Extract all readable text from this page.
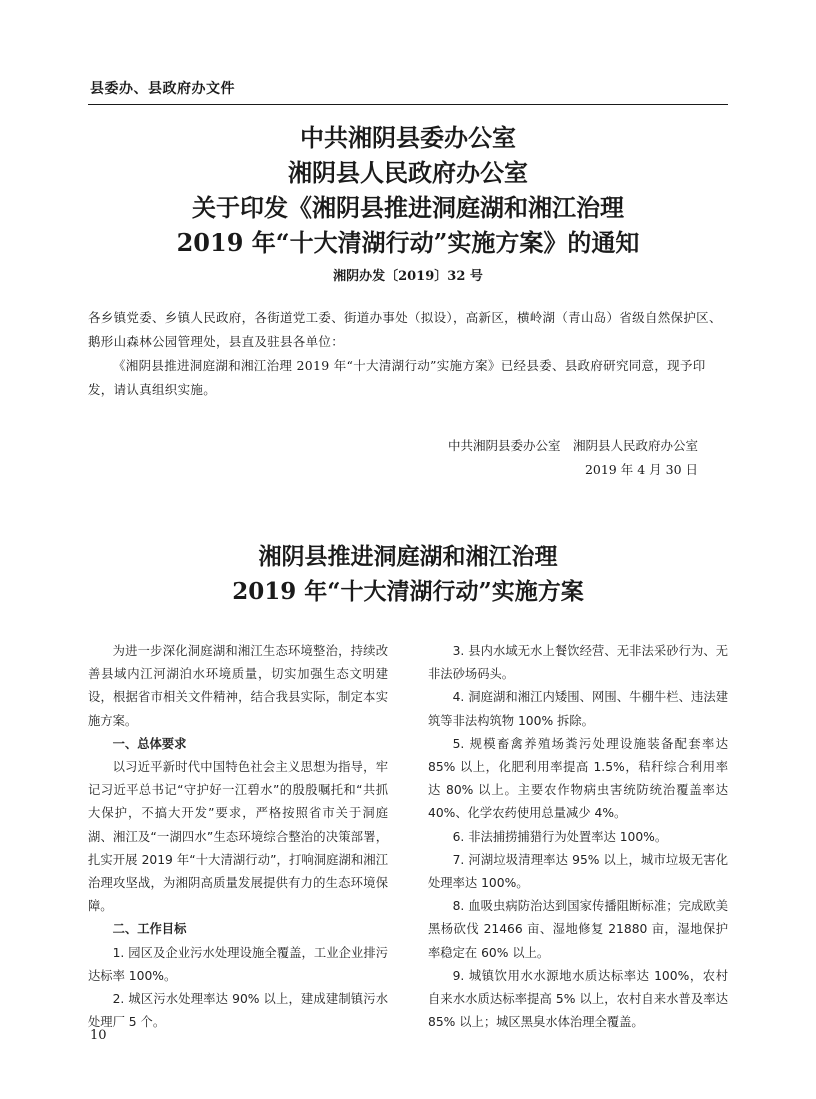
县委办、县政府办文件
中共湘阴县委办公室
湘阴县人民政府办公室
关于印发《湘阴县推进洞庭湖和湘江治理
2019 年“十大清湖行动”实施方案》的通知
湘阴办发〔2019〕32 号

各乡镇党委、乡镇人民政府，各街道党工委、街道办事处（拟设），高新区，横岭湖（青山岛）省级自然保护区、鹅形山森林公园管理处，县直及驻县各单位：

《湘阴县推进洞庭湖和湘江治理 2019 年“十大清湖行动”实施方案》已经县委、县政府研究同意，现予印发，请认真组织实施。

中共湘阴县委办公室　湘阴县人民政府办公室
2019 年 4 月 30 日
湘阴县推进洞庭湖和湘江治理
2019 年“十大清湖行动”实施方案

为进一步深化洞庭湖和湘江生态环境整治，持续改善县域内江河湖泊水环境质量，切实加强生态文明建设，根据省市相关文件精神，结合我县实际，制定本实施方案。

一、总体要求

以习近平新时代中国特色社会主义思想为指导，牢记习近平总书记“守护好一江碧水”的殷殷嘱托和“共抓大保护，不搞大开发”要求，严格按照省市关于洞庭湖、湘江及“一湖四水”生态环境综合整治的决策部署，扎实开展 2019 年“十大清湖行动”，打响洞庭湖和湘江治理攻坚战，为湘阴高质量发展提供有力的生态环境保障。

二、工作目标

1. 园区及企业污水处理设施全覆盖，工业企业排污达标率 100%。

2. 城区污水处理率达 90% 以上，建成建制镇污水处理厂 5 个。

3. 县内水域无水上餐饮经营、无非法采砂行为、无非法砂场码头。

4. 洞庭湖和湘江内矮围、网围、牛棚牛栏、违法建筑等非法构筑物 100% 拆除。

5. 规模畜禽养殖场粪污处理设施装备配套率达 85% 以上，化肥利用率提高 1.5%，秸秆综合利用率达 80% 以上。主要农作物病虫害统防统治覆盖率达 40%、化学农药使用总量减少 4%。

6. 非法捕捞捕猎行为处置率达 100%。

7. 河湖垃圾清理率达 95% 以上，城市垃圾无害化处理率达 100%。

8. 血吸虫病防治达到国家传播阻断标准；完成欧美黑杨砍伐 21466 亩、湿地修复 21880 亩，湿地保护率稳定在 60% 以上。

9. 城镇饮用水水源地水质达标率达 100%，农村自来水水质达标率提高 5% 以上，农村自来水普及率达 85% 以上；城区黑臭水体治理全覆盖。

10
